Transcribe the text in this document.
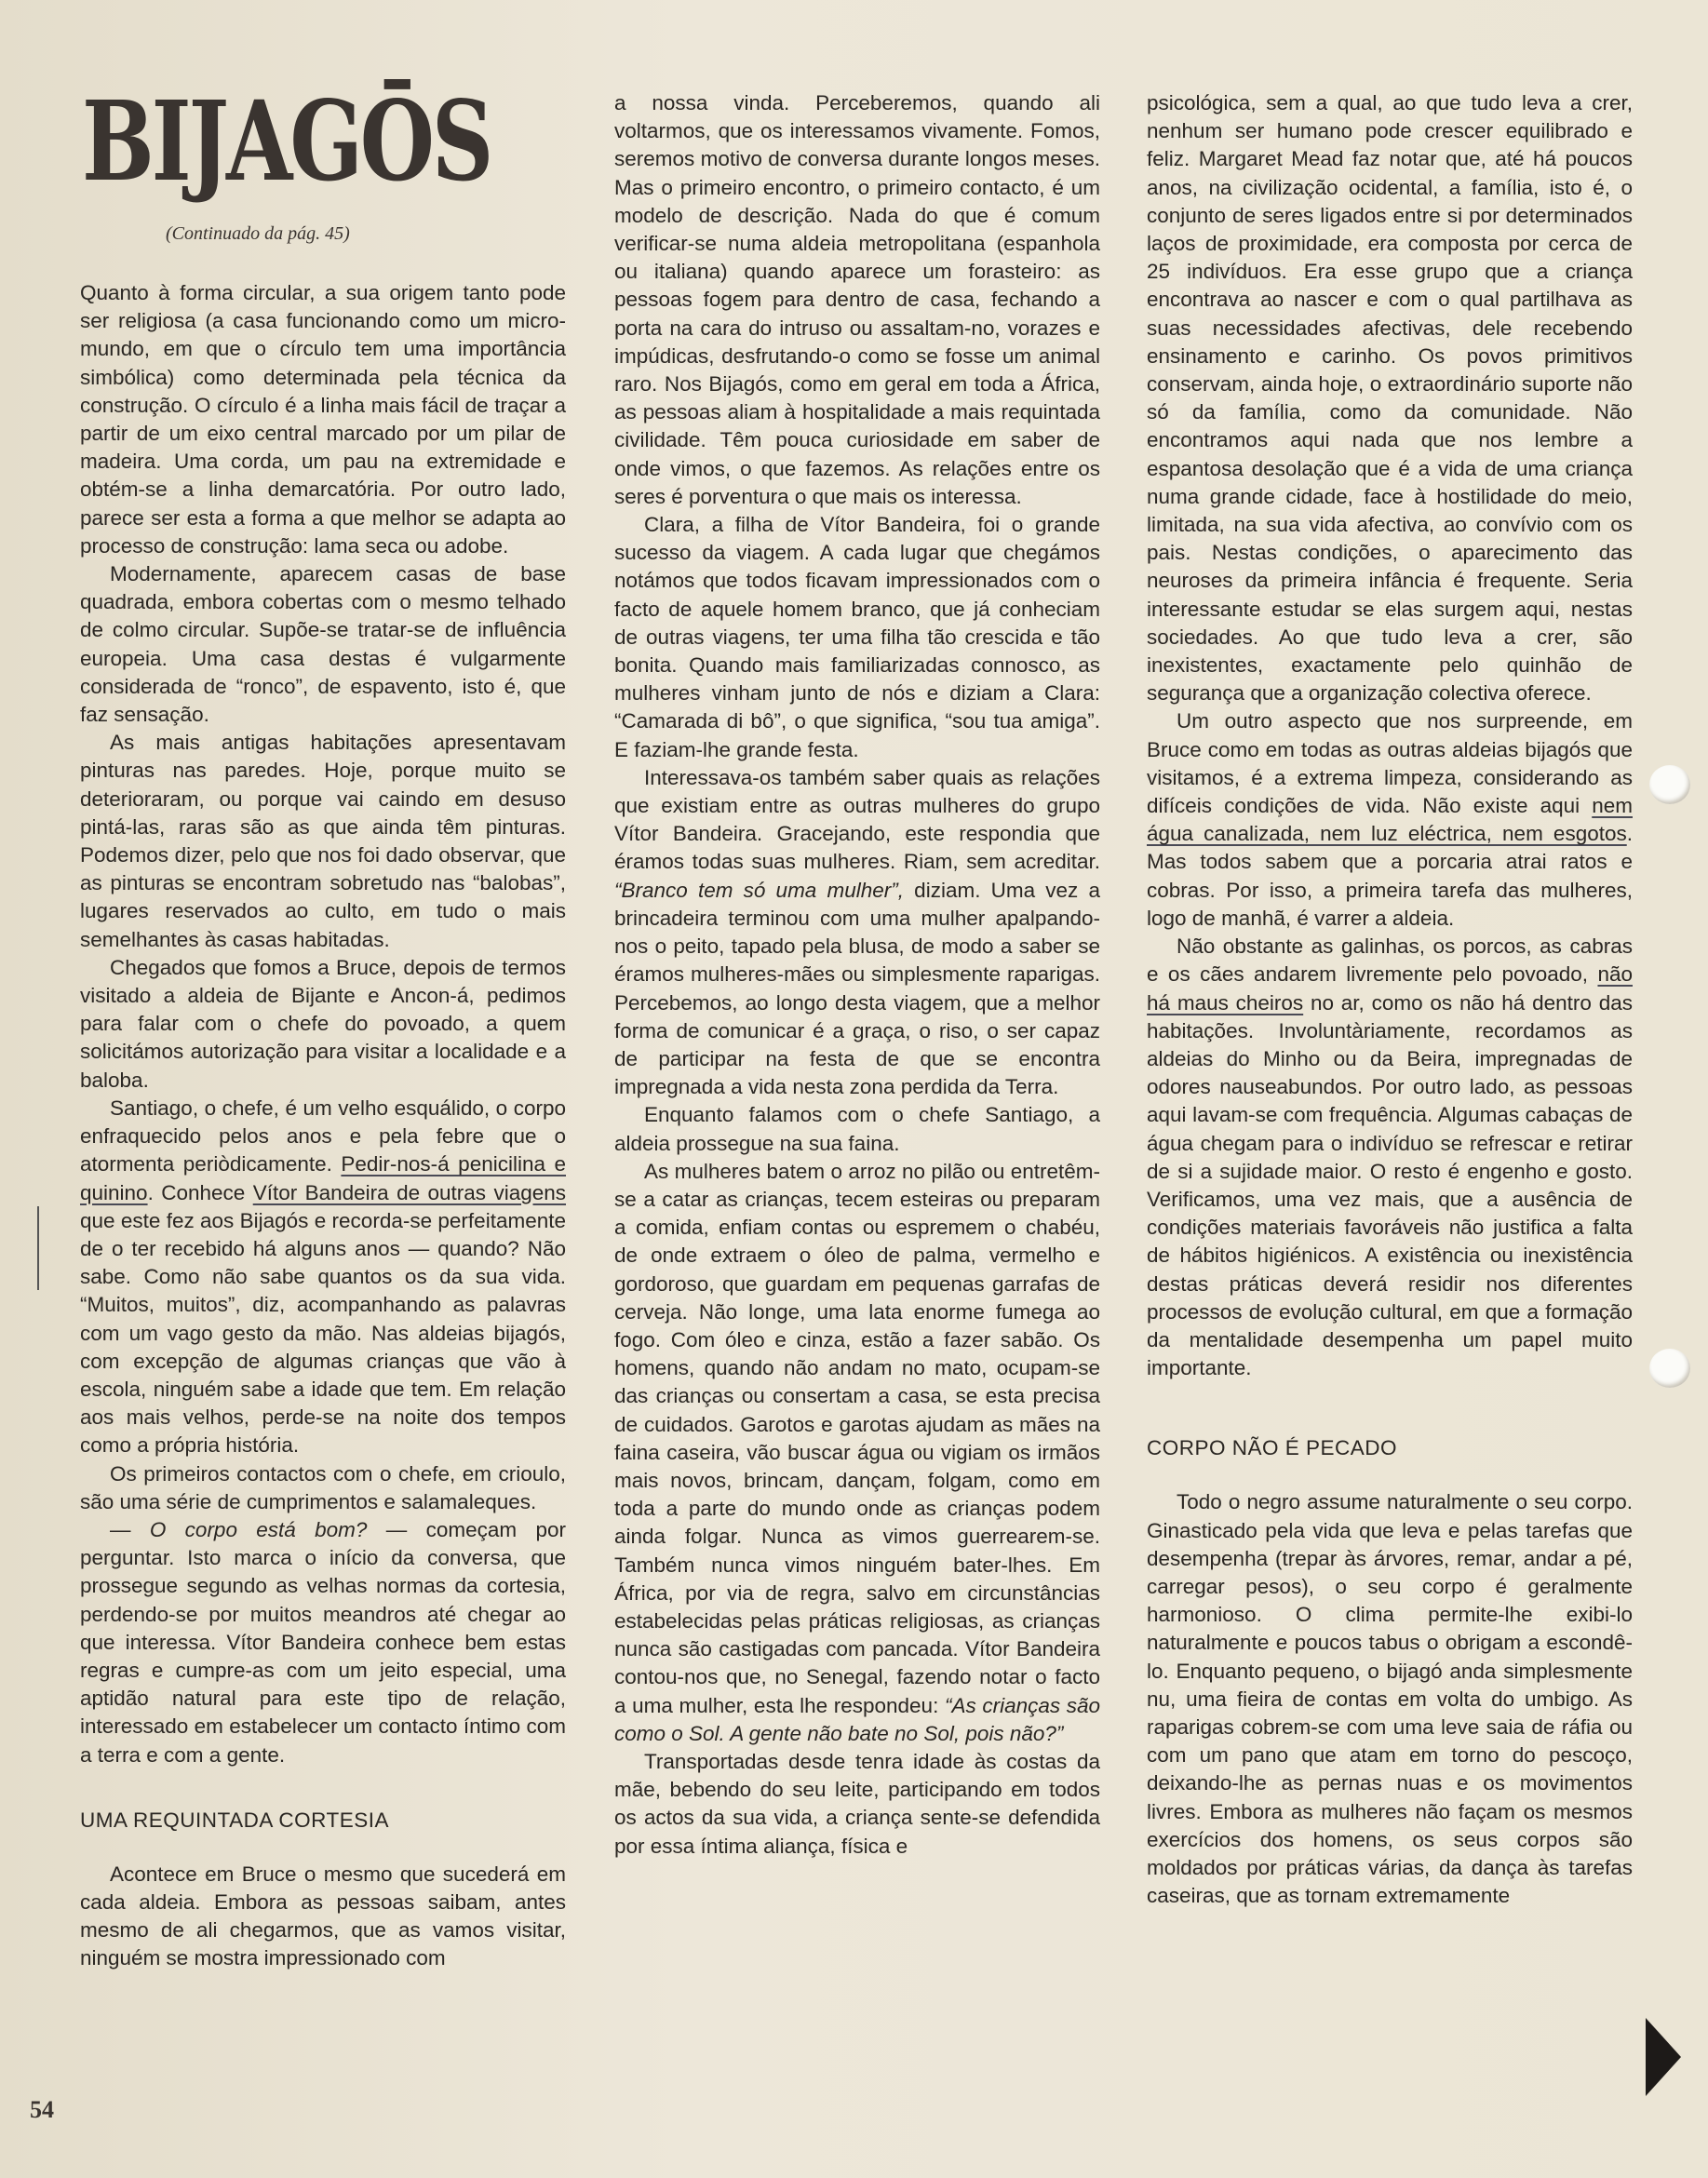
BIJAGŌS
(Continuado da pág. 45)

Quanto à forma circular, a sua origem tanto pode ser religiosa (a casa funcionando como um micro-mundo, em que o círculo tem uma importância simbólica) como determinada pela técnica da construção. O círculo é a linha mais fácil de traçar a partir de um eixo central marcado por um pilar de madeira. Uma corda, um pau na extremidade e obtém-se a linha demarcatória. Por outro lado, parece ser esta a forma a que melhor se adapta ao processo de construção: lama seca ou adobe.

Modernamente, aparecem casas de base quadrada, embora cobertas com o mesmo telhado de colmo circular. Supõe-se tratar-se de influência europeia. Uma casa destas é vulgarmente considerada de “ronco”, de espavento, isto é, que faz sensação.

As mais antigas habitações apresentavam pinturas nas paredes. Hoje, porque muito se deterioraram, ou porque vai caindo em desuso pintá-las, raras são as que ainda têm pinturas. Podemos dizer, pelo que nos foi dado observar, que as pinturas se encontram sobretudo nas “balobas”, lugares reservados ao culto, em tudo o mais semelhantes às casas habitadas.

Chegados que fomos a Bruce, depois de termos visitado a aldeia de Bijante e Ancon-á, pedimos para falar com o chefe do povoado, a quem solicitámos autorização para visitar a localidade e a baloba.

Santiago, o chefe, é um velho esquálido, o corpo enfraquecido pelos anos e pela febre que o atormenta periòdicamente. Pedir-nos-á penicilina e quinino. Conhece Vítor Bandeira de outras viagens que este fez aos Bijagós e recorda-se perfeitamente de o ter recebido há alguns anos — quando? Não sabe. Como não sabe quantos os da sua vida. “Muitos, muitos”, diz, acompanhando as palavras com um vago gesto da mão. Nas aldeias bijagós, com excepção de algumas crianças que vão à escola, ninguém sabe a idade que tem. Em relação aos mais velhos, perde-se na noite dos tempos como a própria história.

Os primeiros contactos com o chefe, em crioulo, são uma série de cumprimentos e salamaleques.

— O corpo está bom? — começam por perguntar. Isto marca o início da conversa, que prossegue segundo as velhas normas da cortesia, perdendo-se por muitos meandros até chegar ao que interessa. Vítor Bandeira conhece bem estas regras e cumpre-as com um jeito especial, uma aptidão natural para este tipo de relação, interessado em estabelecer um contacto íntimo com a terra e com a gente.

UMA REQUINTADA CORTESIA

Acontece em Bruce o mesmo que sucederá em cada aldeia. Embora as pessoas saibam, antes mesmo de ali chegarmos, que as vamos visitar, ninguém se mostra impressionado com

a nossa vinda. Perceberemos, quando ali voltarmos, que os interessamos vivamente. Fomos, seremos motivo de conversa durante longos meses. Mas o primeiro encontro, o primeiro contacto, é um modelo de descrição. Nada do que é comum verificar-se numa aldeia metropolitana (espanhola ou italiana) quando aparece um forasteiro: as pessoas fogem para dentro de casa, fechando a porta na cara do intruso ou assaltam-no, vorazes e impúdicas, desfrutando-o como se fosse um animal raro. Nos Bijagós, como em geral em toda a África, as pessoas aliam à hospitalidade a mais requintada civilidade. Têm pouca curiosidade em saber de onde vimos, o que fazemos. As relações entre os seres é porventura o que mais os interessa.

Clara, a filha de Vítor Bandeira, foi o grande sucesso da viagem. A cada lugar que chegámos notámos que todos ficavam impressionados com o facto de aquele homem branco, que já conheciam de outras viagens, ter uma filha tão crescida e tão bonita. Quando mais familiarizadas connosco, as mulheres vinham junto de nós e diziam a Clara: “Camarada di bô”, o que significa, “sou tua amiga”. E faziam-lhe grande festa.

Interessava-os também saber quais as relações que existiam entre as outras mulheres do grupo Vítor Bandeira. Gracejando, este respondia que éramos todas suas mulheres. Riam, sem acreditar. “Branco tem só uma mulher”, diziam. Uma vez a brincadeira terminou com uma mulher apalpando-nos o peito, tapado pela blusa, de modo a saber se éramos mulheres-mães ou simplesmente raparigas. Percebemos, ao longo desta viagem, que a melhor forma de comunicar é a graça, o riso, o ser capaz de participar na festa de que se encontra impregnada a vida nesta zona perdida da Terra.

Enquanto falamos com o chefe Santiago, a aldeia prossegue na sua faina.

As mulheres batem o arroz no pilão ou entretêm-se a catar as crianças, tecem esteiras ou preparam a comida, enfiam contas ou espremem o chabéu, de onde extraem o óleo de palma, vermelho e gordoroso, que guardam em pequenas garrafas de cerveja. Não longe, uma lata enorme fumega ao fogo. Com óleo e cinza, estão a fazer sabão. Os homens, quando não andam no mato, ocupam-se das crianças ou consertam a casa, se esta precisa de cuidados. Garotos e garotas ajudam as mães na faina caseira, vão buscar água ou vigiam os irmãos mais novos, brincam, dançam, folgam, como em toda a parte do mundo onde as crianças podem ainda folgar. Nunca as vimos guerrearem-se. Também nunca vimos ninguém bater-lhes. Em África, por via de regra, salvo em circunstâncias estabelecidas pelas práticas religiosas, as crianças nunca são castigadas com pancada. Vítor Bandeira contou-nos que, no Senegal, fazendo notar o facto a uma mulher, esta lhe respondeu: “As crianças são como o Sol. A gente não bate no Sol, pois não?”

Transportadas desde tenra idade às costas da mãe, bebendo do seu leite, participando em todos os actos da sua vida, a criança sente-se defendida por essa íntima aliança, física e

psicológica, sem a qual, ao que tudo leva a crer, nenhum ser humano pode crescer equilibrado e feliz. Margaret Mead faz notar que, até há poucos anos, na civilização ocidental, a família, isto é, o conjunto de seres ligados entre si por determinados laços de proximidade, era composta por cerca de 25 indivíduos. Era esse grupo que a criança encontrava ao nascer e com o qual partilhava as suas necessidades afectivas, dele recebendo ensinamento e carinho. Os povos primitivos conservam, ainda hoje, o extraordinário suporte não só da família, como da comunidade. Não encontramos aqui nada que nos lembre a espantosa desolação que é a vida de uma criança numa grande cidade, face à hostilidade do meio, limitada, na sua vida afectiva, ao convívio com os pais. Nestas condições, o aparecimento das neuroses da primeira infância é frequente. Seria interessante estudar se elas surgem aqui, nestas sociedades. Ao que tudo leva a crer, são inexistentes, exactamente pelo quinhão de segurança que a organização colectiva oferece.

Um outro aspecto que nos surpreende, em Bruce como em todas as outras aldeias bijagós que visitamos, é a extrema limpeza, considerando as difíceis condições de vida. Não existe aqui nem água canalizada, nem luz eléctrica, nem esgotos. Mas todos sabem que a porcaria atrai ratos e cobras. Por isso, a primeira tarefa das mulheres, logo de manhã, é varrer a aldeia.

Não obstante as galinhas, os porcos, as cabras e os cães andarem livremente pelo povoado, não há maus cheiros no ar, como os não há dentro das habitações. Involuntàriamente, recordamos as aldeias do Minho ou da Beira, impregnadas de odores nauseabundos. Por outro lado, as pessoas aqui lavam-se com frequência. Algumas cabaças de água chegam para o indivíduo se refrescar e retirar de si a sujidade maior. O resto é engenho e gosto. Verificamos, uma vez mais, que a ausência de condições materiais favoráveis não justifica a falta de hábitos higiénicos. A existência ou inexistência destas práticas deverá residir nos diferentes processos de evolução cultural, em que a formação da mentalidade desempenha um papel muito importante.

CORPO NÃO É PECADO

Todo o negro assume naturalmente o seu corpo. Ginasticado pela vida que leva e pelas tarefas que desempenha (trepar às árvores, remar, andar a pé, carregar pesos), o seu corpo é geralmente harmonioso. O clima permite-lhe exibi-lo naturalmente e poucos tabus o obrigam a escondê-lo. Enquanto pequeno, o bijagó anda simplesmente nu, uma fieira de contas em volta do umbigo. As raparigas cobrem-se com uma leve saia de ráfia ou com um pano que atam em torno do pescoço, deixando-lhe as pernas nuas e os movimentos livres. Embora as mulheres não façam os mesmos exercícios dos homens, os seus corpos são moldados por práticas várias, da dança às tarefas caseiras, que as tornam extremamente

54
